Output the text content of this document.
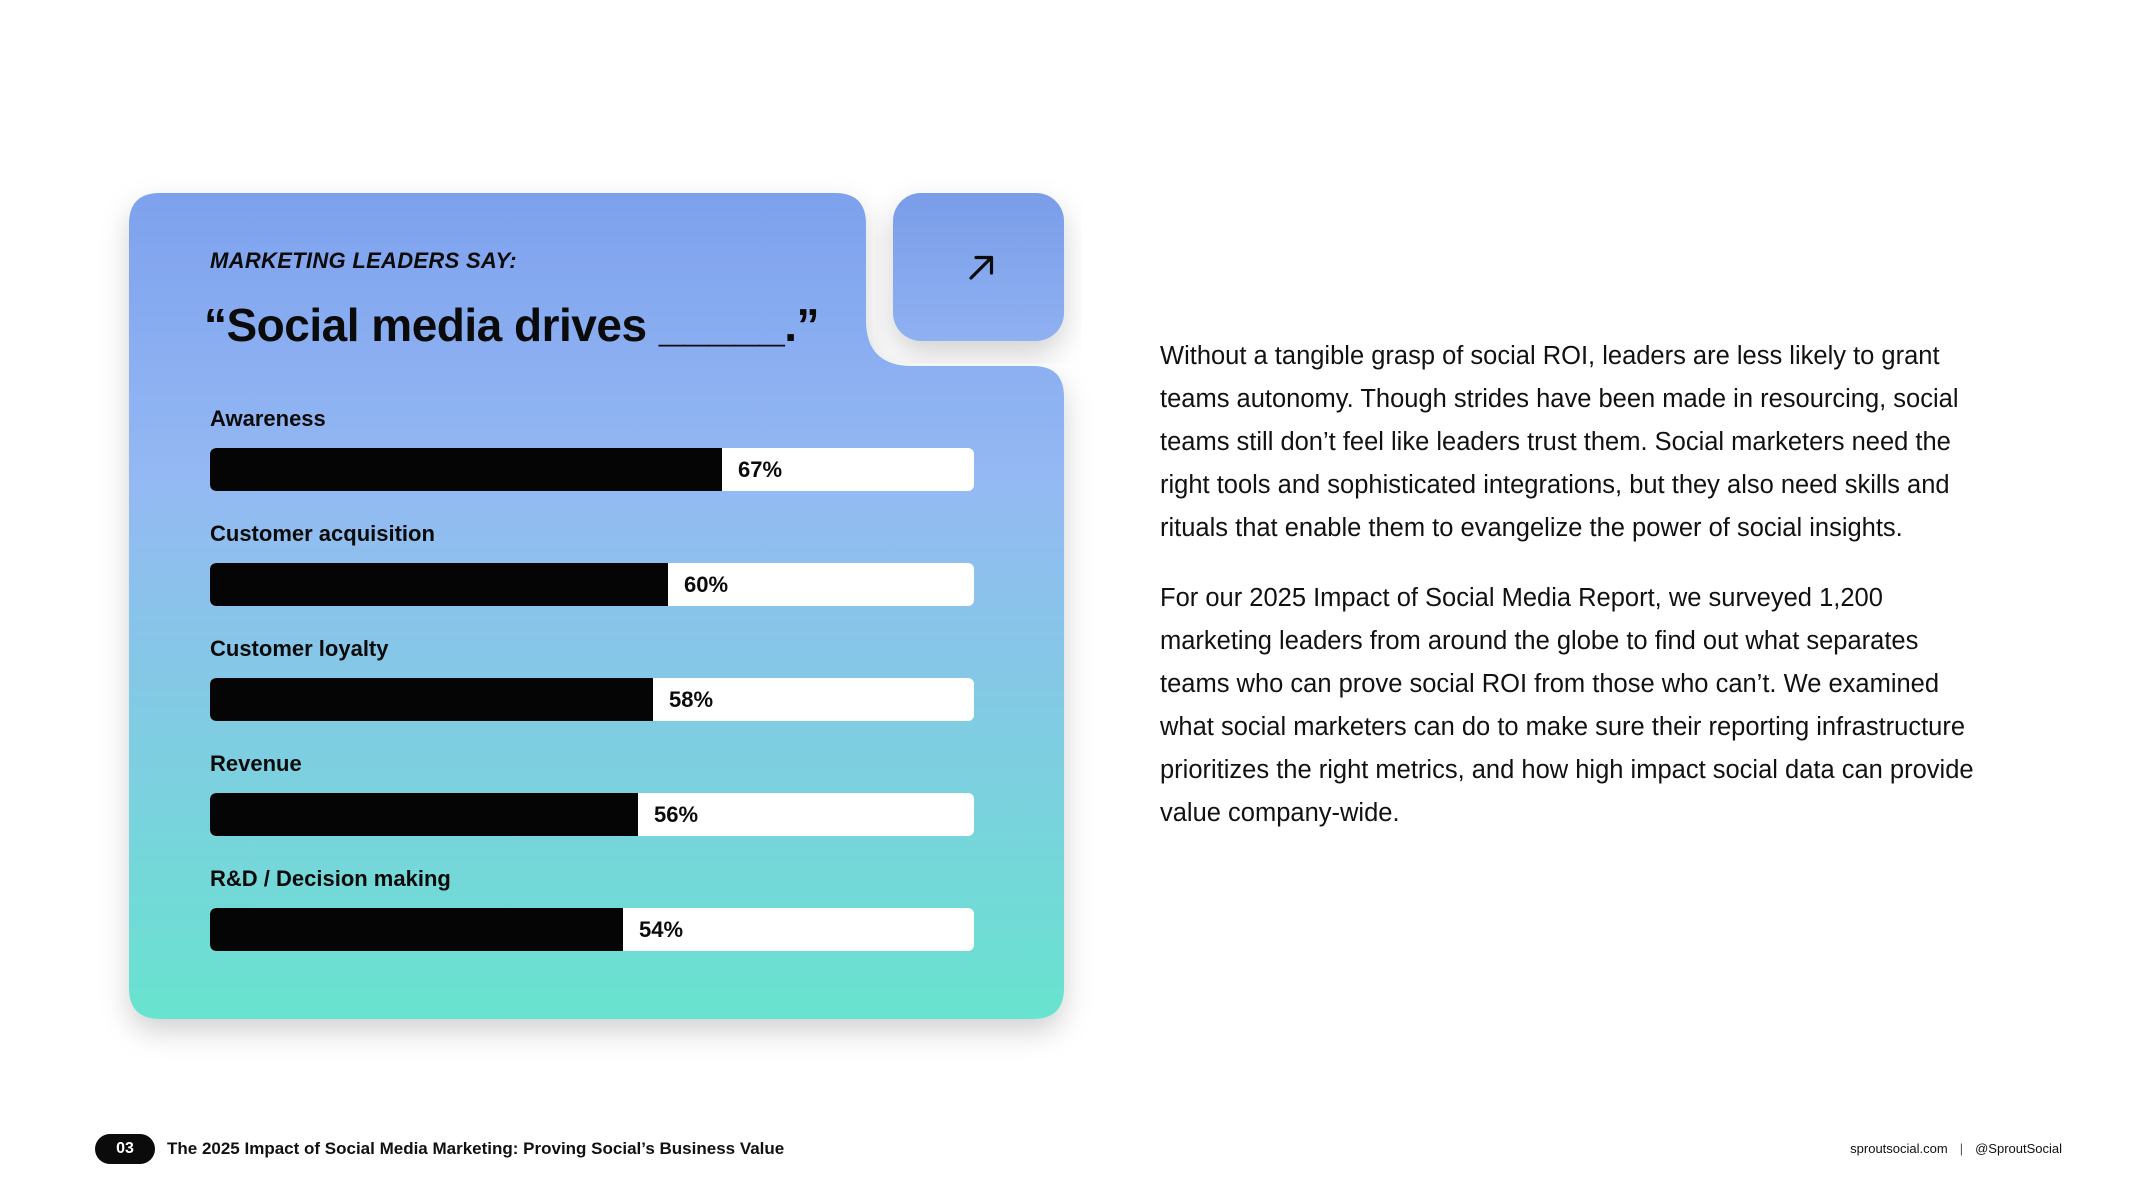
MARKETING LEADERS SAY:
“Social media drives _____.”
Awareness
67%
Customer acquisition
60%
Customer loyalty
58%
Revenue
56%
R&D / Decision making
54%

Without a tangible grasp of social ROI, leaders are less likely to grant teams autonomy. Though strides have been made in resourcing, social teams still don’t feel like leaders trust them. Social marketers need the right tools and sophisticated integrations, but they also need skills and rituals that enable them to evangelize the power of social insights.

For our 2025 Impact of Social Media Report, we surveyed 1,200 marketing leaders from around the globe to find out what separates teams who can prove social ROI from those who can’t. We examined what social marketers can do to make sure their reporting infrastructure prioritizes the right metrics, and how high impact social data can provide value company-wide.

03	The 2025 Impact of Social Media Marketing: Proving Social’s Business Value	sproutsocial.com | @SproutSocial
